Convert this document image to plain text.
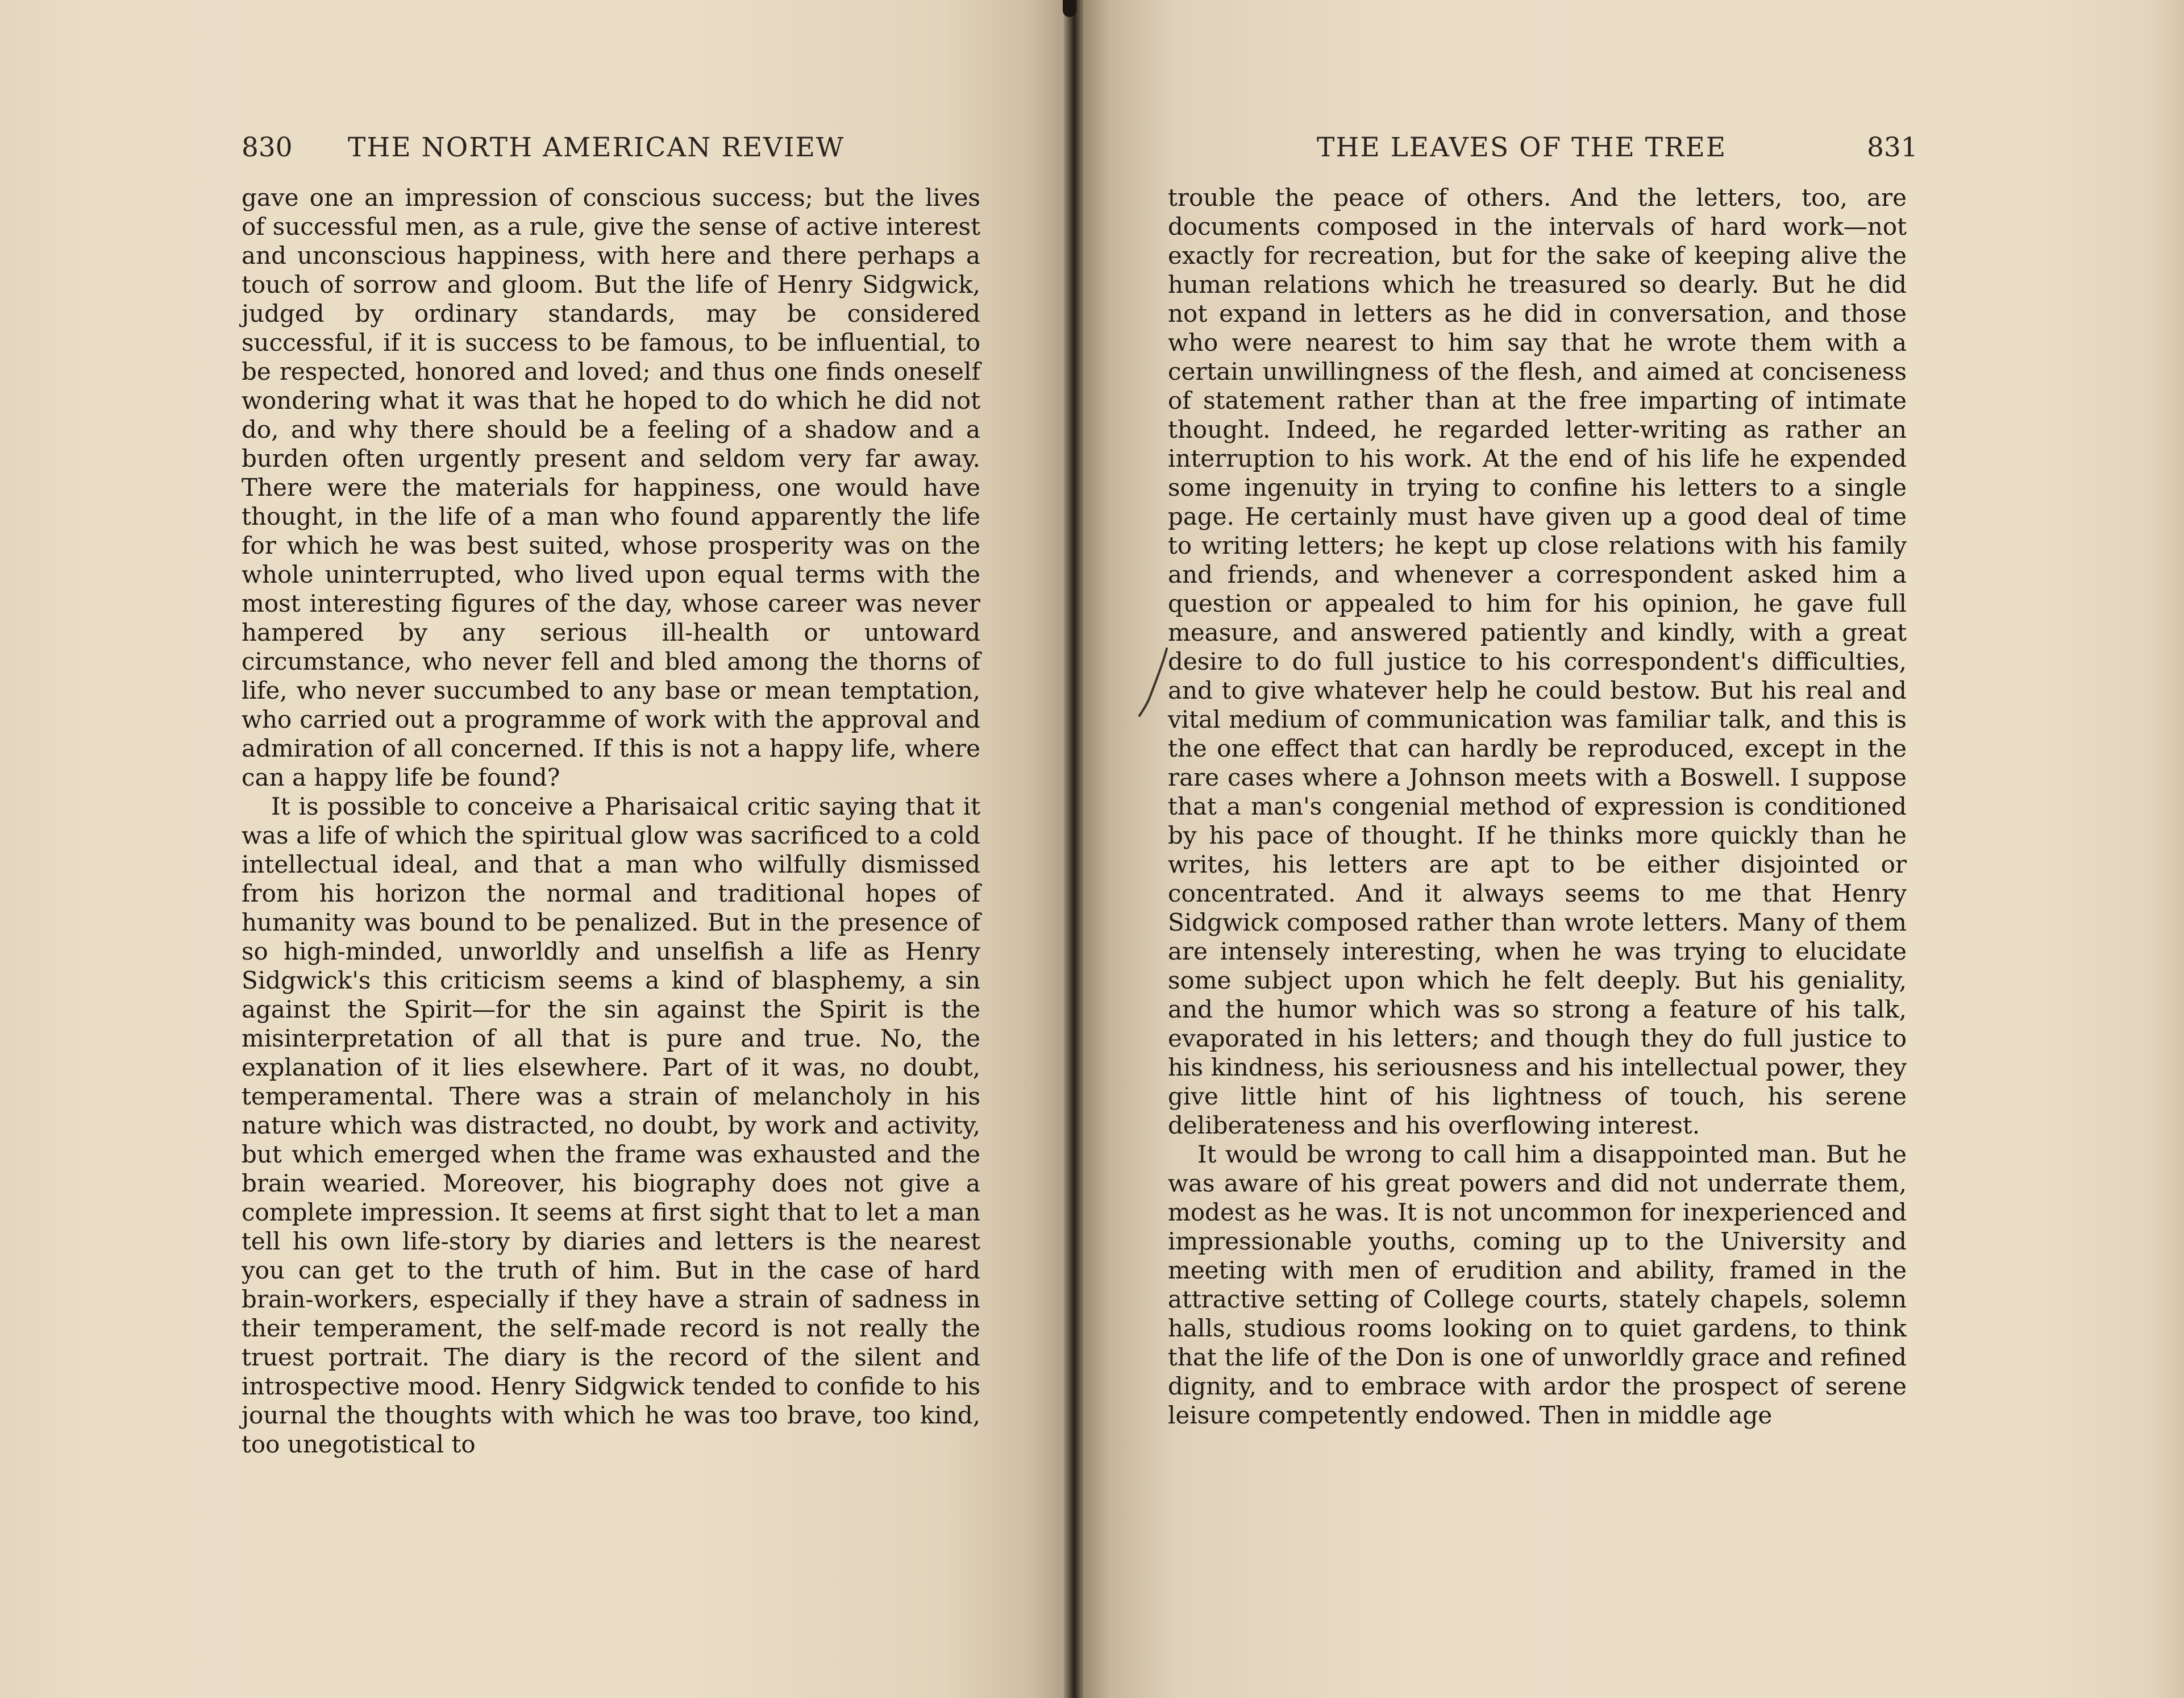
830 THE NORTH AMERICAN REVIEW

gave one an impression of conscious success; but the lives of successful men, as a rule, give the sense of active interest and unconscious happiness, with here and there perhaps a touch of sorrow and gloom. But the life of Henry Sidgwick, judged by ordinary standards, may be considered successful, if it is success to be famous, to be influential, to be respected, honored and loved; and thus one finds oneself wondering what it was that he hoped to do which he did not do, and why there should be a feeling of a shadow and a burden often urgently present and seldom very far away. There were the materials for happiness, one would have thought, in the life of a man who found apparently the life for which he was best suited, whose prosperity was on the whole uninterrupted, who lived upon equal terms with the most interesting figures of the day, whose career was never hampered by any serious ill-health or untoward circumstance, who never fell and bled among the thorns of life, who never succumbed to any base or mean temptation, who carried out a programme of work with the approval and admiration of all concerned. If this is not a happy life, where can a happy life be found?

It is possible to conceive a Pharisaical critic saying that it was a life of which the spiritual glow was sacrificed to a cold intellectual ideal, and that a man who wilfully dismissed from his horizon the normal and traditional hopes of humanity was bound to be penalized. But in the presence of so high-minded, unworldly and unselfish a life as Henry Sidgwick's this criticism seems a kind of blasphemy, a sin against the Spirit—for the sin against the Spirit is the misinterpretation of all that is pure and true. No, the explanation of it lies elsewhere. Part of it was, no doubt, temperamental. There was a strain of melancholy in his nature which was distracted, no doubt, by work and activity, but which emerged when the frame was exhausted and the brain wearied. Moreover, his biography does not give a complete impression. It seems at first sight that to let a man tell his own life-story by diaries and letters is the nearest you can get to the truth of him. But in the case of hard brain-workers, especially if they have a strain of sadness in their temperament, the self-made record is not really the truest portrait. The diary is the record of the silent and introspective mood. Henry Sidgwick tended to confide to his journal the thoughts with which he was too brave, too kind, too unegotistical to

THE LEAVES OF THE TREE	831

trouble the peace of others. And the letters, too, are documents composed in the intervals of hard work—not exactly for recreation, but for the sake of keeping alive the human relations which he treasured so dearly. But he did not expand in letters as he did in conversation, and those who were nearest to him say that he wrote them with a certain unwillingness of the flesh, and aimed at conciseness of statement rather than at the free imparting of intimate thought. Indeed, he regarded letter-writing as rather an interruption to his work. At the end of his life he expended some ingenuity in trying to confine his letters to a single page. He certainly must have given up a good deal of time to writing letters; he kept up close relations with his family and friends, and whenever a correspondent asked him a question or appealed to him for his opinion, he gave full measure, and answered patiently and kindly, with a great desire to do full justice to his correspondent's difficulties, and to give whatever help he could bestow. But his real and vital medium of communication was familiar talk, and this is the one effect that can hardly be reproduced, except in the rare cases where a Johnson meets with a Boswell. I suppose that a man's congenial method of expression is conditioned by his pace of thought. If he thinks more quickly than he writes, his letters are apt to be either disjointed or concentrated. And it always seems to me that Henry Sidgwick composed rather than wrote letters. Many of them are intensely interesting, when he was trying to elucidate some subject upon which he felt deeply. But his geniality, and the humor which was so strong a feature of his talk, evaporated in his letters; and though they do full justice to his kindness, his seriousness and his intellectual power, they give little hint of his lightness of touch, his serene deliberateness and his overflowing interest.

It would be wrong to call him a disappointed man. But he was aware of his great powers and did not underrate them, modest as he was. It is not uncommon for inexperienced and impressionable youths, coming up to the University and meeting with men of erudition and ability, framed in the attractive setting of College courts, stately chapels, solemn halls, studious rooms looking on to quiet gardens, to think that the life of the Don is one of unworldly grace and refined dignity, and to embrace with ardor the prospect of serene leisure competently endowed. Then in middle age
